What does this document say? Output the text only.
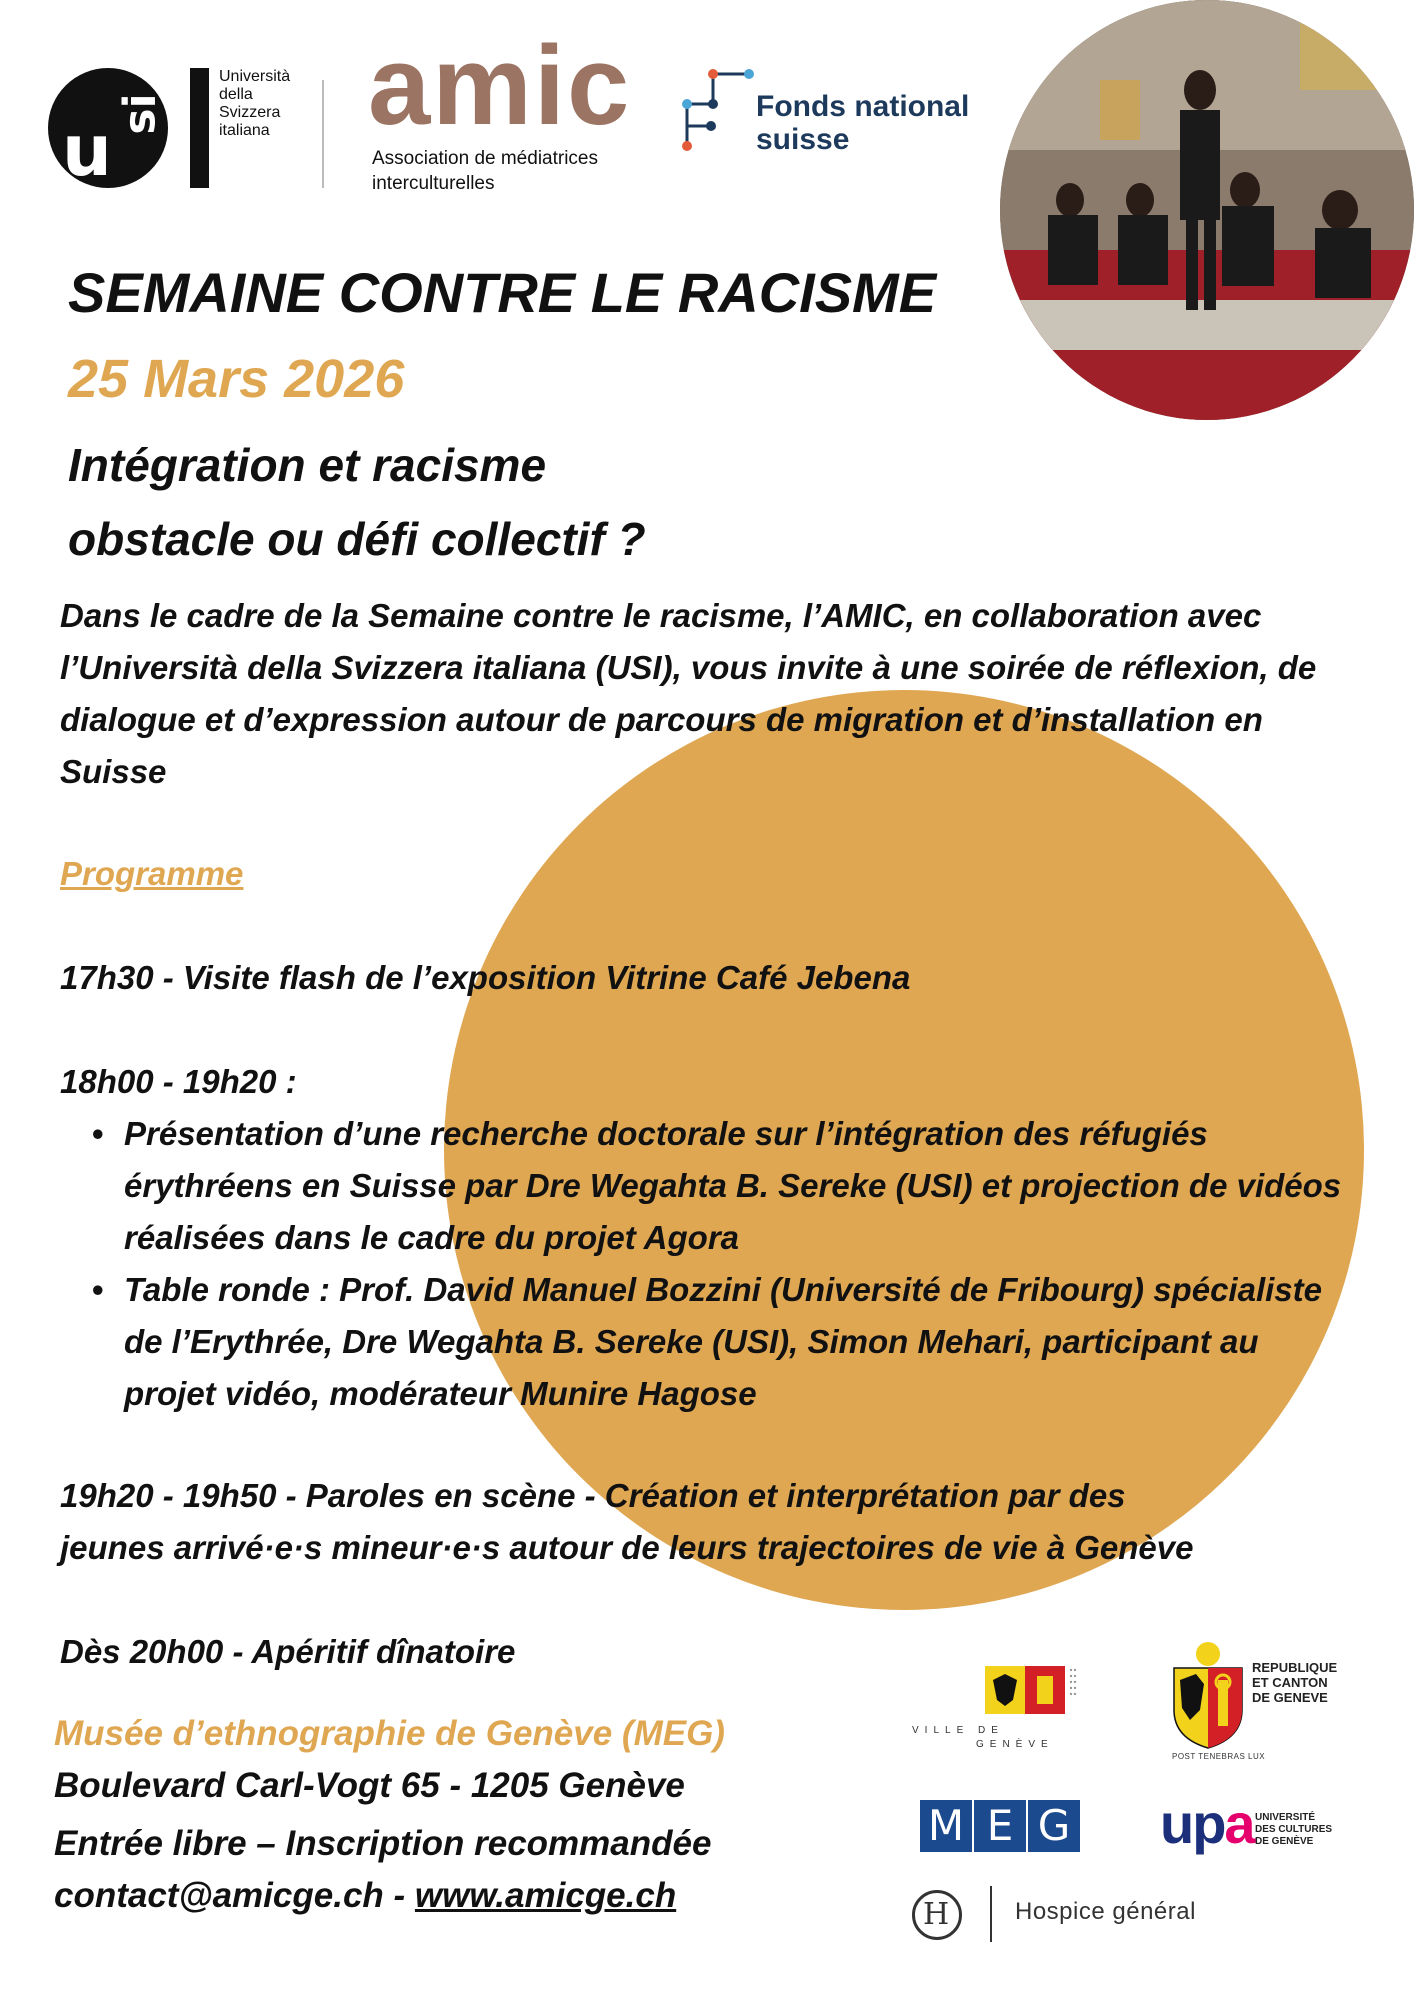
u si
Università
della
Svizzera
italiana amic
Association de médiatrices
interculturelles
Fonds national
suisse
SEMAINE CONTRE LE RACISME
25 Mars 2026
Intégration et racisme
obstacle ou défi collectif ?
Dans le cadre de la Semaine contre le racisme, l’AMIC, en collaboration avec l’Università della Svizzera italiana (USI), vous invite à une soirée de réflexion, de dialogue et d’expression autour de parcours de migration et d’installation en Suisse
Programme
17h30 - Visite flash de l’exposition Vitrine Café Jebena
18h00 - 19h20 :
• Présentation d’une recherche doctorale sur l’intégration des réfugiés érythréens en Suisse par Dre Wegahta B. Sereke (USI) et projection de vidéos réalisées dans le cadre du projet Agora
• Table ronde : Prof. David Manuel Bozzini (Université de Fribourg) spécialiste de l’Erythrée, Dre Wegahta B. Sereke (USI), Simon Mehari, participant au projet vidéo, modérateur Munire Hagose
19h20 - 19h50 - Paroles en scène - Création et interprétation par des
jeunes arrivé·e·s mineur·e·s autour de leurs trajectoires de vie à Genève
Dès 20h00 - Apéritif dînatoire
Musée d’ethnographie de Genève (MEG)
Boulevard Carl-Vogt 65 - 1205 Genève
Entrée libre – Inscription recommandée
contact@amicge.ch - www.amicge.ch
VILLE DE
GENÈVE
REPUBLIQUE
ET CANTON
DE GENEVE
POST TENEBRAS LUX
M E G upa UNIVERSITÉ
DES CULTURES
DE GENÈVE
H	Hospice général
